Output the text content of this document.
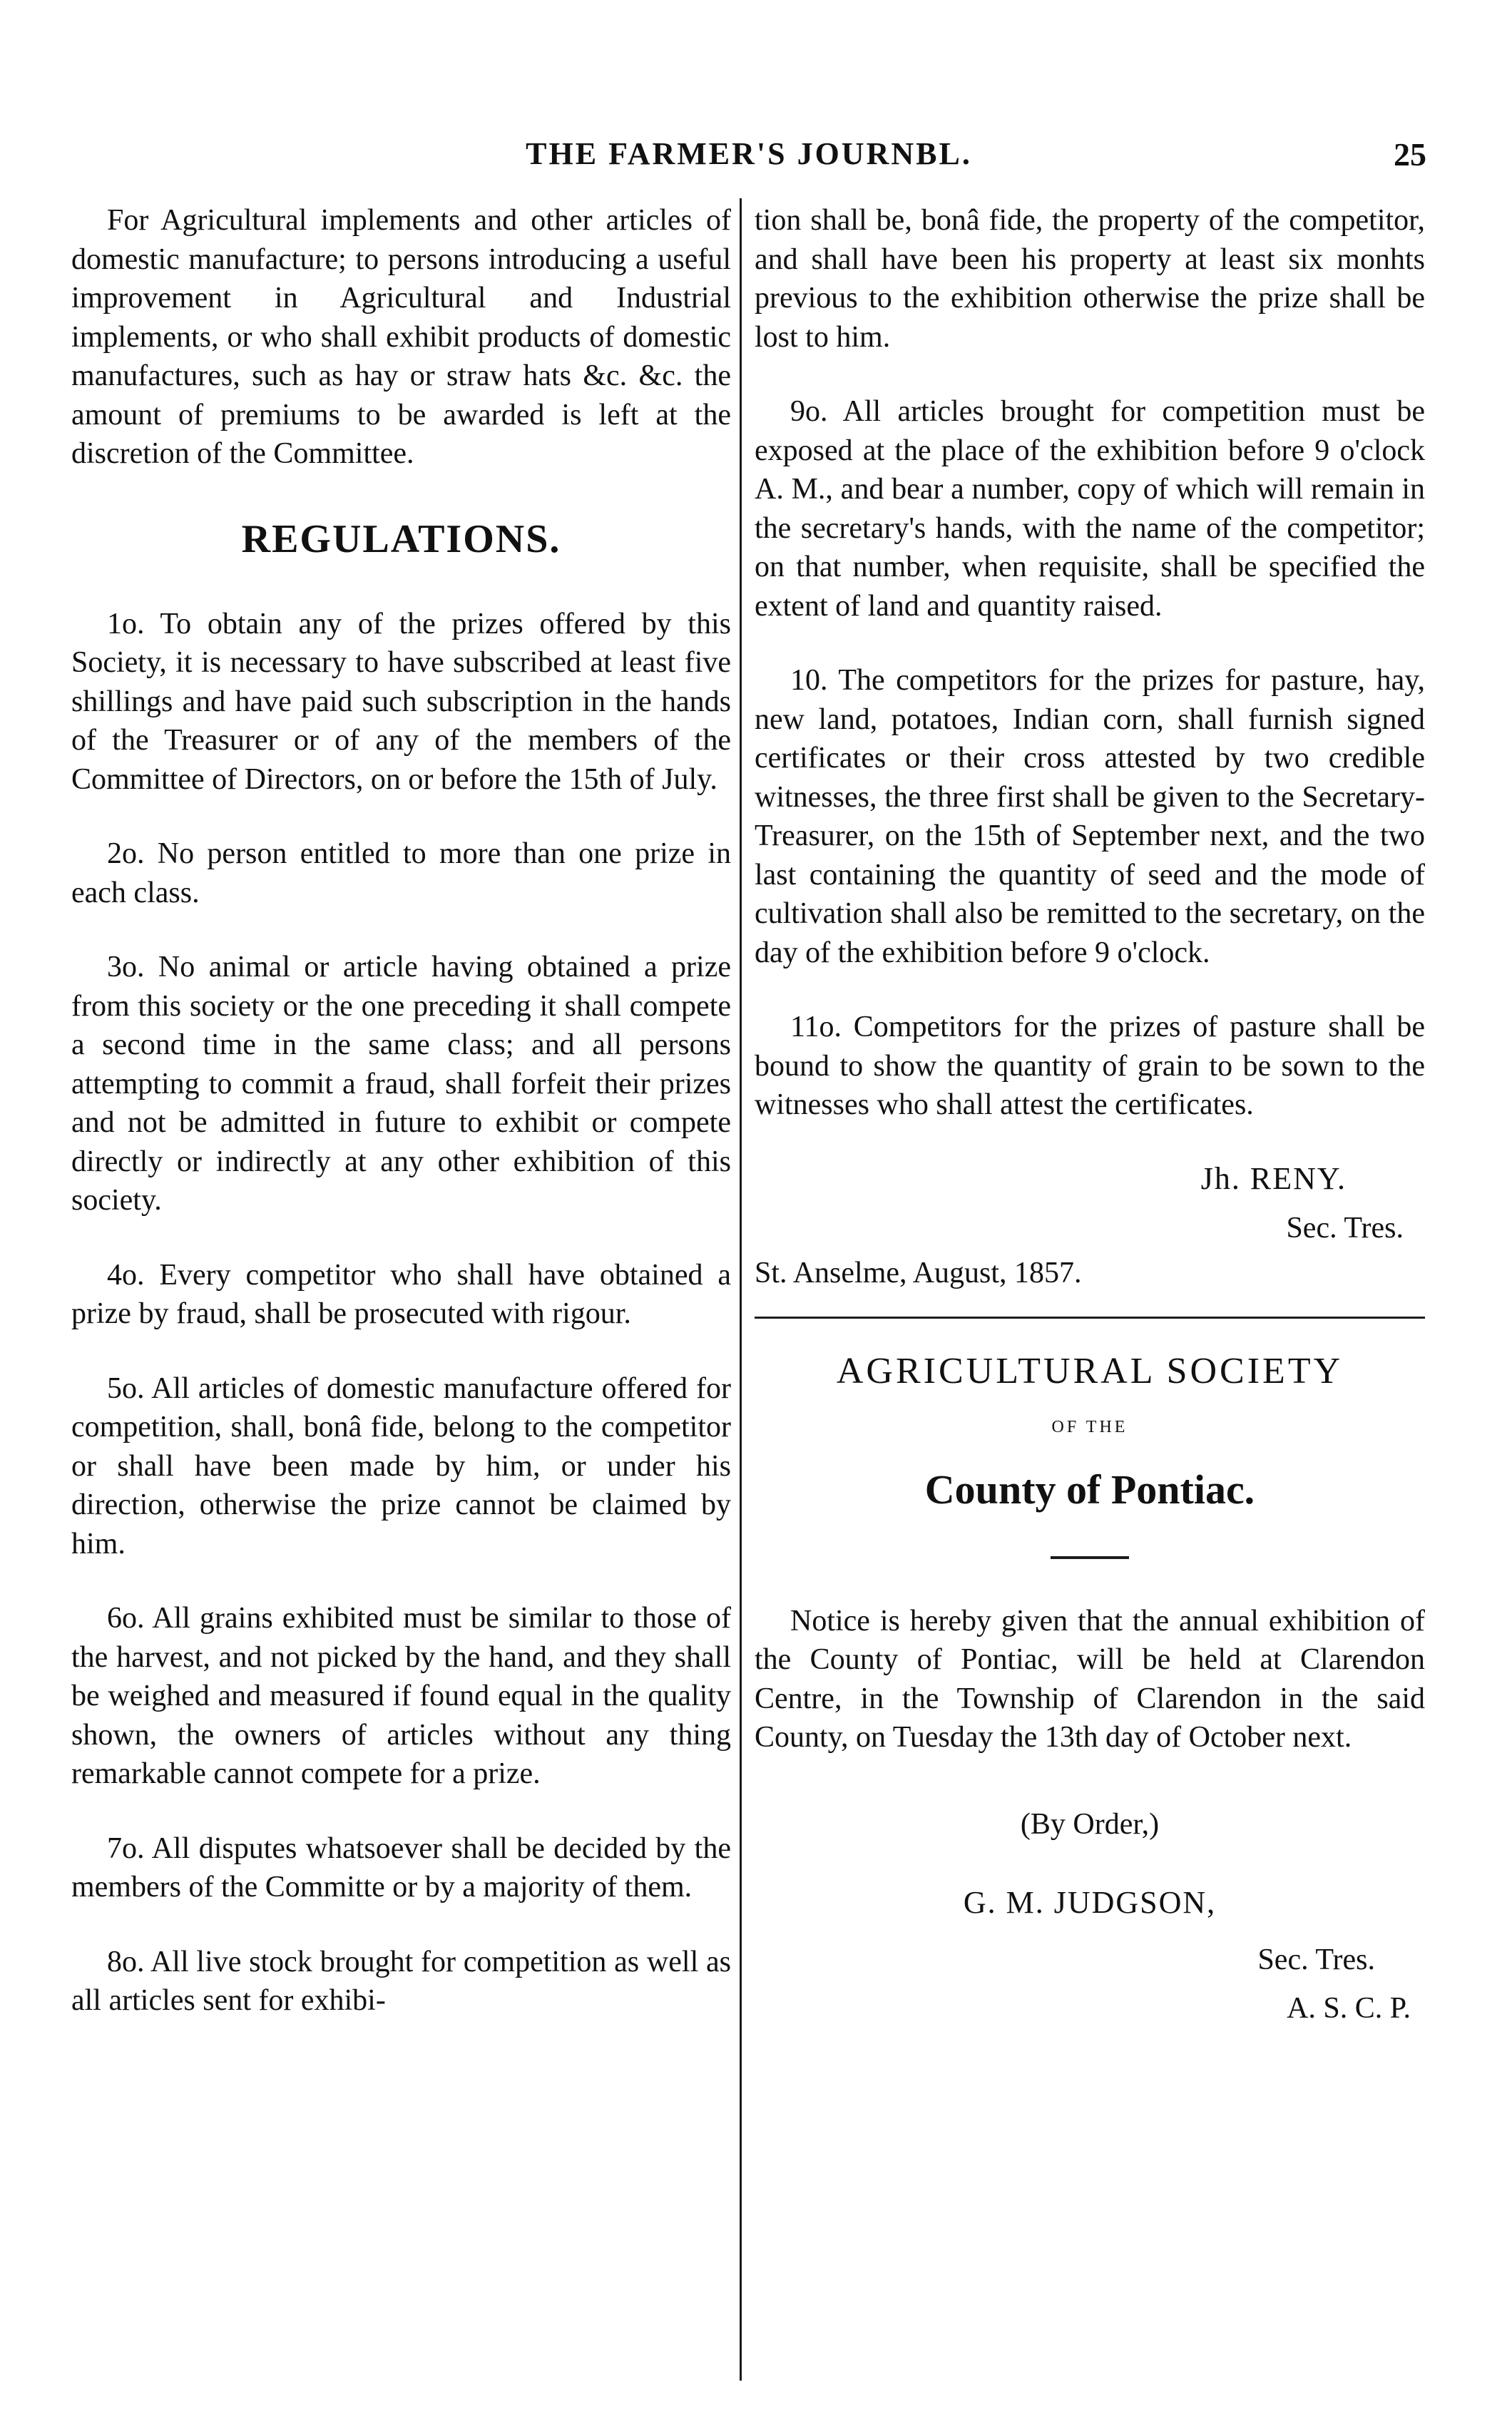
THE FARMER'S JOURNBL.	25

For Agricultural implements and other articles of domestic manufacture; to persons introducing a useful improvement in Agricultural and Industrial implements, or who shall exhibit products of domestic manufactures, such as hay or straw hats &c. &c. the amount of premiums to be awarded is left at the discretion of the Committee.

REGULATIONS.

1o. To obtain any of the prizes offered by this Society, it is necessary to have subscribed at least five shillings and have paid such subscription in the hands of the Treasurer or of any of the members of the Committee of Directors, on or before the 15th of July.

2o. No person entitled to more than one prize in each class.

3o. No animal or article having obtained a prize from this society or the one preceding it shall compete a second time in the same class; and all persons attempting to commit a fraud, shall forfeit their prizes and not be admitted in future to exhibit or compete directly or indirectly at any other exhibition of this society.

4o. Every competitor who shall have obtained a prize by fraud, shall be prosecuted with rigour.

5o. All articles of domestic manufacture offered for competition, shall, bonâ fide, belong to the competitor or shall have been made by him, or under his direction, otherwise the prize cannot be claimed by him.

6o. All grains exhibited must be similar to those of the harvest, and not picked by the hand, and they shall be weighed and measured if found equal in the quality shown, the owners of articles without any thing remarkable cannot compete for a prize.

7o. All disputes whatsoever shall be decided by the members of the Committe or by a majority of them.

8o. All live stock brought for competition as well as all articles sent for exhibi-

tion shall be, bonâ fide, the property of the competitor, and shall have been his property at least six monhts previous to the exhibition otherwise the prize shall be lost to him.

9o. All articles brought for competition must be exposed at the place of the exhibition before 9 o'clock A. M., and bear a number, copy of which will remain in the secretary's hands, with the name of the competitor; on that number, when requisite, shall be specified the extent of land and quantity raised.

10. The competitors for the prizes for pasture, hay, new land, potatoes, Indian corn, shall furnish signed certificates or their cross attested by two credible witnesses, the three first shall be given to the Secretary-Treasurer, on the 15th of September next, and the two last containing the quantity of seed and the mode of cultivation shall also be remitted to the secretary, on the day of the exhibition before 9 o'clock.

11o. Competitors for the prizes of pasture shall be bound to show the quantity of grain to be sown to the witnesses who shall attest the certificates.

Jh. RENY.
Sec. Tres.
St. Anselme, August, 1857.
AGRICULTURAL SOCIETY
OF THE
County of Pontiac.

Notice is hereby given that the annual exhibition of the County of Pontiac, will be held at Clarendon Centre, in the Township of Clarendon in the said County, on Tuesday the 13th day of October next.

(By Order,)
G. M. JUDGSON,
Sec. Tres.
A. S. C. P.
